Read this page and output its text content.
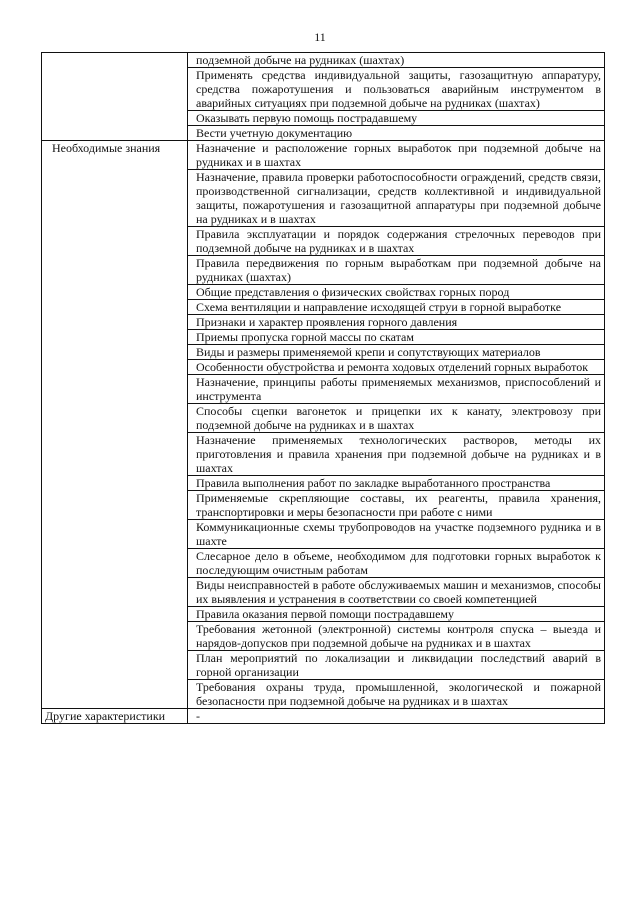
11
	подземной добыче на рудниках (шахтах)
	Применять средства индивидуальной защиты, газозащитную аппаратуру, средства пожаротушения и пользоваться аварийным инструментом в аварийных ситуациях при подземной добыче на рудниках (шахтах)
	Оказывать первую помощь пострадавшему
	Вести учетную документацию
Необходимые знания	Назначение и расположение горных выработок при подземной добыче на рудниках и в шахтах
	Назначение, правила проверки работоспособности ограждений, средств связи, производственной сигнализации, средств коллективной и индивидуальной защиты, пожаротушения и газозащитной аппаратуры при подземной добыче на рудниках и в шахтах
	Правила эксплуатации и порядок содержания стрелочных переводов при подземной добыче на рудниках и в шахтах
	Правила передвижения по горным выработкам при подземной добыче на рудниках (шахтах)
	Общие представления о физических свойствах горных пород
	Схема вентиляции и направление исходящей струи в горной выработке
	Признаки и характер проявления горного давления
	Приемы пропуска горной массы по скатам
	Виды и размеры применяемой крепи и сопутствующих материалов
	Особенности обустройства и ремонта ходовых отделений горных выработок
	Назначение, принципы работы применяемых механизмов, приспособлений и инструмента
	Способы сцепки вагонеток и прицепки их к канату, электровозу при подземной добыче на рудниках и в шахтах
	Назначение применяемых технологических растворов, методы их приготовления и правила хранения при подземной добыче на рудниках и в шахтах
	Правила выполнения работ по закладке выработанного пространства
	Применяемые скрепляющие составы, их реагенты, правила хранения, транспортировки и меры безопасности при работе с ними
	Коммуникационные схемы трубопроводов на участке подземного рудника и в шахте
	Слесарное дело в объеме, необходимом для подготовки горных выработок к последующим очистным работам
	Виды неисправностей в работе обслуживаемых машин и механизмов, способы их выявления и устранения в соответствии со своей компетенцией
	Правила оказания первой помощи пострадавшему
	Требования жетонной (электронной) системы контроля спуска – выезда и нарядов-допусков при подземной добыче на рудниках и в шахтах
	План мероприятий по локализации и ликвидации последствий аварий в горной организации
	Требования охраны труда, промышленной, экологической и пожарной безопасности при подземной добыче на рудниках и в шахтах
Другие характеристики	-
